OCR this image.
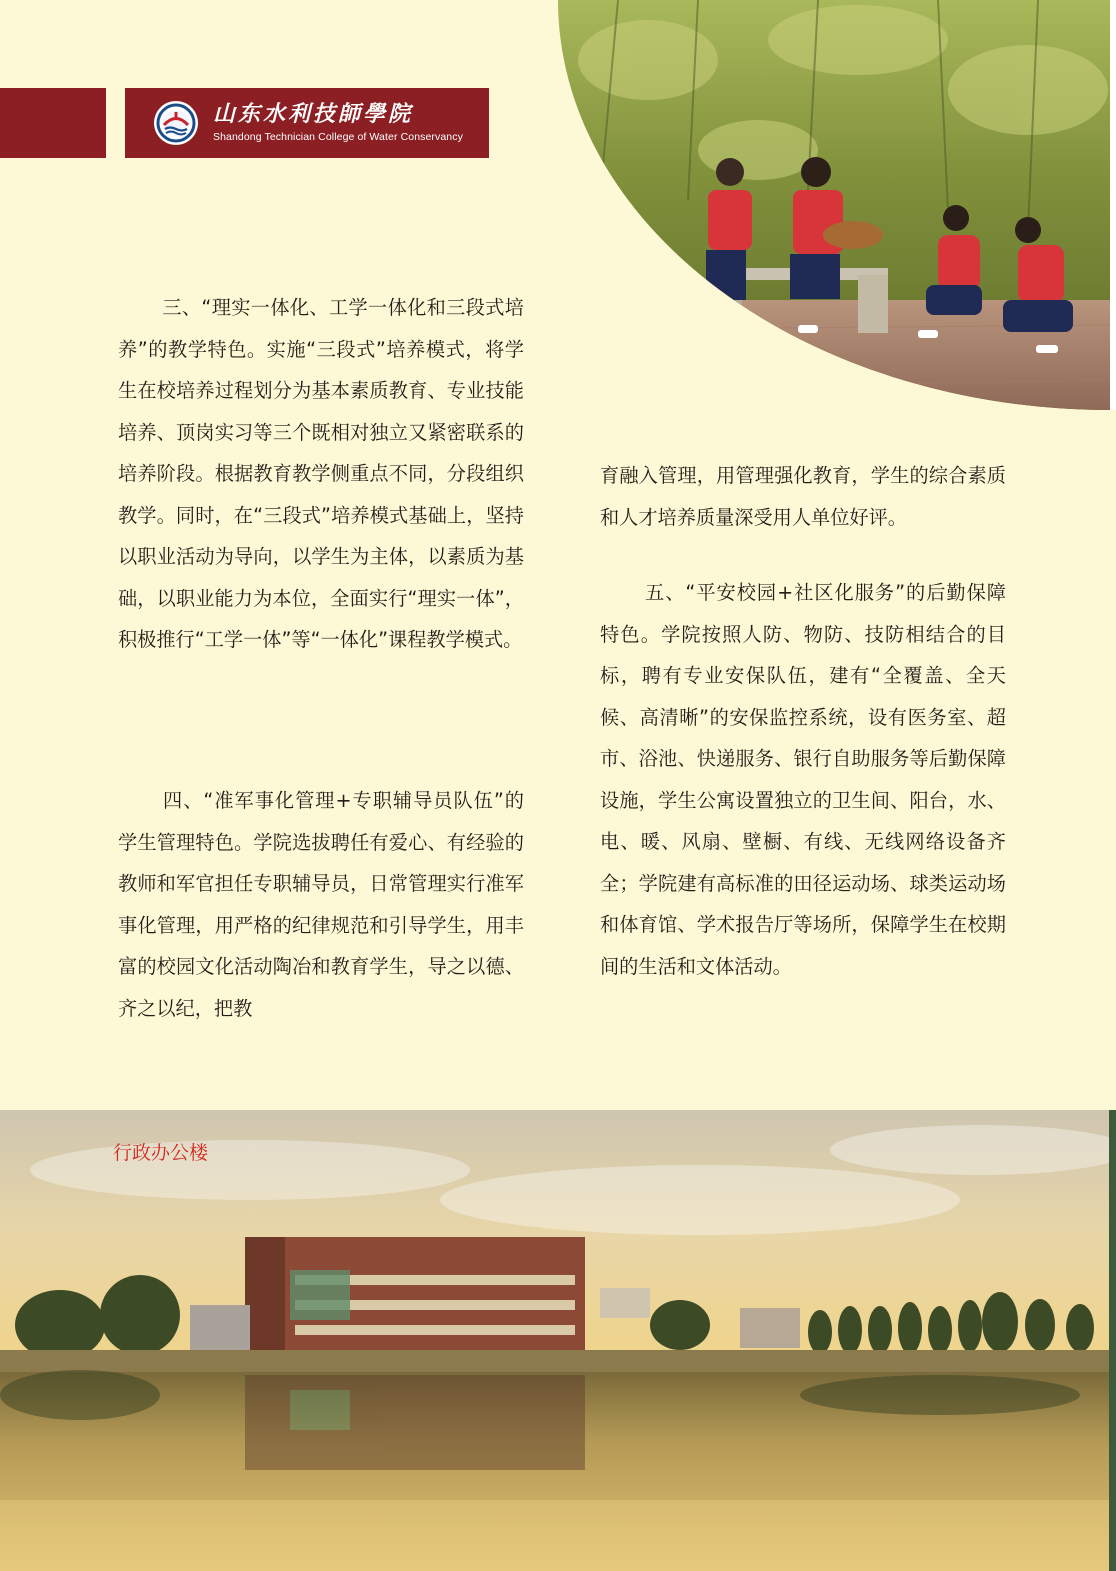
山东水利技師學院
Shandong Technician College of Water Conservancy

三、“理实一体化、工学一体化和三段式培养”的教学特色。实施“三段式”培养模式，将学生在校培养过程划分为基本素质教育、专业技能培养、顶岗实习等三个既相对独立又紧密联系的培养阶段。根据教育教学侧重点不同，分段组织教学。同时，在“三段式”培养模式基础上，坚持以职业活动为导向，以学生为主体，以素质为基础，以职业能力为本位，全面实行“理实一体”，积极推行“工学一体”等“一体化”课程教学模式。

四、“准军事化管理+专职辅导员队伍”的学生管理特色。学院选拔聘任有爱心、有经验的教师和军官担任专职辅导员，日常管理实行准军事化管理，用严格的纪律规范和引导学生，用丰富的校园文化活动陶冶和教育学生，导之以德、齐之以纪，把教

育融入管理，用管理强化教育，学生的综合素质和人才培养质量深受用人单位好评。

五、“平安校园+社区化服务”的后勤保障特色。学院按照人防、物防、技防相结合的目标，聘有专业安保队伍，建有“全覆盖、全天候、高清晰”的安保监控系统，设有医务室、超市、浴池、快递服务、银行自助服务等后勤保障设施，学生公寓设置独立的卫生间、阳台，水、电、暖、风扇、壁橱、有线、无线网络设备齐全；学院建有高标准的田径运动场、球类运动场和体育馆、学术报告厅等场所，保障学生在校期间的生活和文体活动。

行政办公楼
